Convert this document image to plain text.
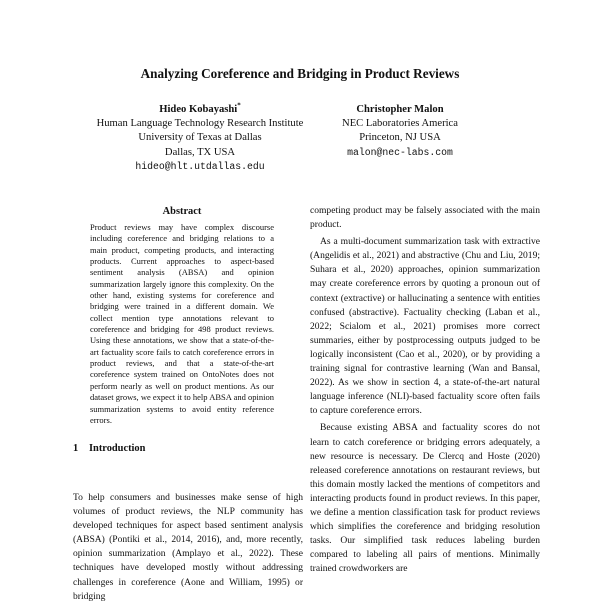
Analyzing Coreference and Bridging in Product Reviews
Hideo Kobayashi*
Human Language Technology Research Institute
University of Texas at Dallas
Dallas, TX USA
hideo@hlt.utdallas.edu
Christopher Malon
NEC Laboratories America
Princeton, NJ USA
malon@nec-labs.com
Abstract

Product reviews may have complex discourse including coreference and bridging relations to a main product, competing products, and interacting products. Current approaches to aspect-based sentiment analysis (ABSA) and opinion summarization largely ignore this complexity. On the other hand, existing systems for coreference and bridging were trained in a different domain. We collect mention type annotations relevant to coreference and bridging for 498 product reviews. Using these annotations, we show that a state-of-the-art factuality score fails to catch coreference errors in product reviews, and that a state-of-the-art coreference system trained on OntoNotes does not perform nearly as well on product mentions. As our dataset grows, we expect it to help ABSA and opinion summarization systems to avoid entity reference errors.

1 Introduction

To help consumers and businesses make sense of high volumes of product reviews, the NLP community has developed techniques for aspect based sentiment analysis (ABSA) (Pontiki et al., 2014, 2016), and, more recently, opinion summarization (Amplayo et al., 2022). These techniques have developed mostly without addressing challenges in coreference (Aone and William, 1995) or bridging

competing product may be falsely associated with the main product.

As a multi-document summarization task with extractive (Angelidis et al., 2021) and abstractive (Chu and Liu, 2019; Suhara et al., 2020) approaches, opinion summarization may create coreference errors by quoting a pronoun out of context (extractive) or hallucinating a sentence with entities confused (abstractive). Factuality checking (Laban et al., 2022; Scialom et al., 2021) promises more correct summaries, either by postprocessing outputs judged to be logically inconsistent (Cao et al., 2020), or by providing a training signal for contrastive learning (Wan and Bansal, 2022). As we show in section 4, a state-of-the-art natural language inference (NLI)-based factuality score often fails to capture coreference errors.

Because existing ABSA and factuality scores do not learn to catch coreference or bridging errors adequately, a new resource is necessary. De Clercq and Hoste (2020) released coreference annotations on restaurant reviews, but this domain mostly lacked the mentions of competitors and interacting products found in product reviews. In this paper, we define a mention classification task for product reviews which simplifies the coreference and bridging resolution tasks. Our simplified task reduces labeling burden compared to labeling all pairs of mentions. Minimally trained crowdworkers are
